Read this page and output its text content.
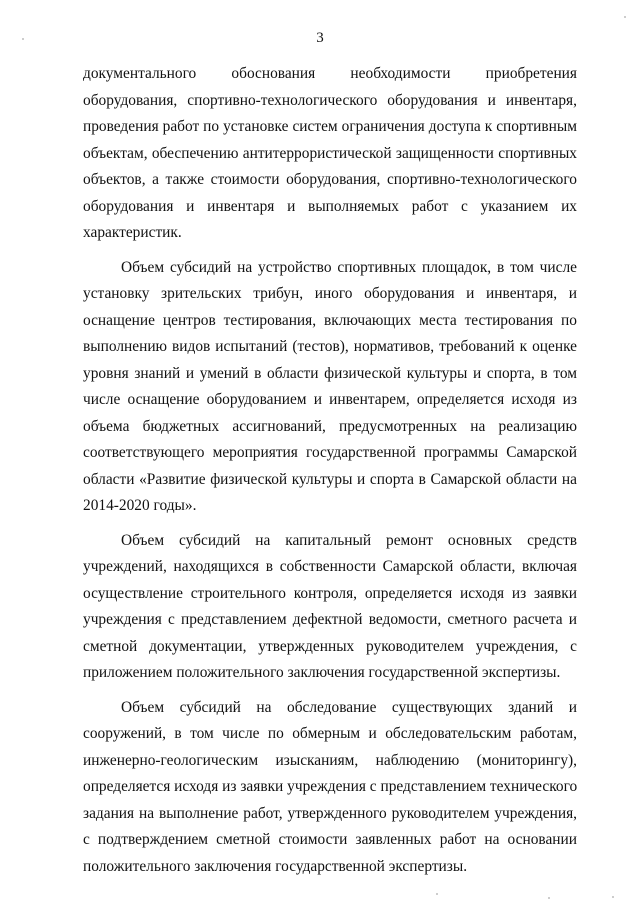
3
документального обоснования необходимости приобретения
оборудования, спортивно-технологического оборудования и инвентаря,
проведения работ по установке систем ограничения доступа к спортивным
объектам, обеспечению антитеррористической защищенности спортивных
объектов, а также стоимости оборудования, спортивно-технологического
оборудования и инвентаря и выполняемых работ с указанием их
характеристик.
Объем субсидий на устройство спортивных площадок, в том числе
установку зрительских трибун, иного оборудования и инвентаря, и
оснащение центров тестирования, включающих места тестирования по
выполнению видов испытаний (тестов), нормативов, требований к оценке
уровня знаний и умений в области физической культуры и спорта, в том
числе оснащение оборудованием и инвентарем, определяется исходя из
объема бюджетных ассигнований, предусмотренных на реализацию
соответствующего мероприятия государственной программы Самарской
области «Развитие физической культуры и спорта в Самарской области на
2014-2020 годы».
Объем субсидий на капитальный ремонт основных средств
учреждений, находящихся в собственности Самарской области, включая
осуществление строительного контроля, определяется исходя из заявки
учреждения с представлением дефектной ведомости, сметного расчета и
сметной документации, утвержденных руководителем учреждения, с
приложением положительного заключения государственной экспертизы.
Объем субсидий на обследование существующих зданий и
сооружений, в том числе по обмерным и обследовательским работам,
инженерно-геологическим изысканиям, наблюдению (мониторингу),
определяется исходя из заявки учреждения с представлением технического
задания на выполнение работ, утвержденного руководителем учреждения,
с подтверждением сметной стоимости заявленных работ на основании
положительного заключения государственной экспертизы.
